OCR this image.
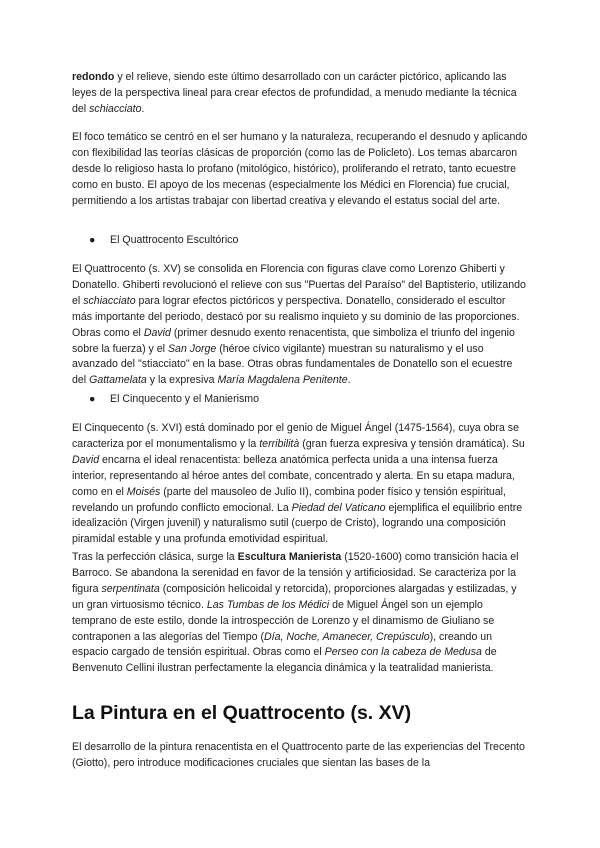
redondo y el relieve, siendo este último desarrollado con un carácter pictórico, aplicando las leyes de la perspectiva lineal para crear efectos de profundidad, a menudo mediante la técnica del schiacciato.

El foco temático se centró en el ser humano y la naturaleza, recuperando el desnudo y aplicando con flexibilidad las teorías clásicas de proporción (como las de Policleto). Los temas abarcaron desde lo religioso hasta lo profano (mitológico, histórico), proliferando el retrato, tanto ecuestre como en busto. El apoyo de los mecenas (especialmente los Médici en Florencia) fue crucial, permitiendo a los artistas trabajar con libertad creativa y elevando el estatus social del arte.

● El Quattrocento Escultórico

El Quattrocento (s. XV) se consolida en Florencia con figuras clave como Lorenzo Ghiberti y Donatello. Ghiberti revolucionó el relieve con sus "Puertas del Paraíso" del Baptisterio, utilizando el schiacciato para lograr efectos pictóricos y perspectiva. Donatello, considerado el escultor más importante del periodo, destacó por su realismo inquieto y su dominio de las proporciones. Obras como el David (primer desnudo exento renacentista, que simboliza el triunfo del ingenio sobre la fuerza) y el San Jorge (héroe cívico vigilante) muestran su naturalismo y el uso avanzado del "stiacciato" en la base. Otras obras fundamentales de Donatello son el ecuestre del Gattamelata y la expresiva María Magdalena Penitente.

● El Cinquecento y el Manierismo

El Cinquecento (s. XVI) está dominado por el genio de Miguel Ángel (1475-1564), cuya obra se caracteriza por el monumentalismo y la terribilità (gran fuerza expresiva y tensión dramática). Su David encarna el ideal renacentista: belleza anatómica perfecta unida a una intensa fuerza interior, representando al héroe antes del combate, concentrado y alerta. En su etapa madura, como en el Moisés (parte del mausoleo de Julio II), combina poder físico y tensión espiritual, revelando un profundo conflicto emocional. La Piedad del Vaticano ejemplifica el equilibrio entre idealización (Virgen juvenil) y naturalismo sutil (cuerpo de Cristo), logrando una composición piramidal estable y una profunda emotividad espiritual.

Tras la perfección clásica, surge la Escultura Manierista (1520-1600) como transición hacia el Barroco. Se abandona la serenidad en favor de la tensión y artificiosidad. Se caracteriza por la figura serpentinata (composición helicoidal y retorcida), proporciones alargadas y estilizadas, y un gran virtuosismo técnico. Las Tumbas de los Médici de Miguel Ángel son un ejemplo temprano de este estilo, donde la introspección de Lorenzo y el dinamismo de Giuliano se contraponen a las alegorías del Tiempo (Día, Noche, Amanecer, Crepúsculo), creando un espacio cargado de tensión espiritual. Obras como el Perseo con la cabeza de Medusa de Benvenuto Cellini ilustran perfectamente la elegancia dinámica y la teatralidad manierista.

La Pintura en el Quattrocento (s. XV)

El desarrollo de la pintura renacentista en el Quattrocento parte de las experiencias del Trecento (Giotto), pero introduce modificaciones cruciales que sientan las bases de la
